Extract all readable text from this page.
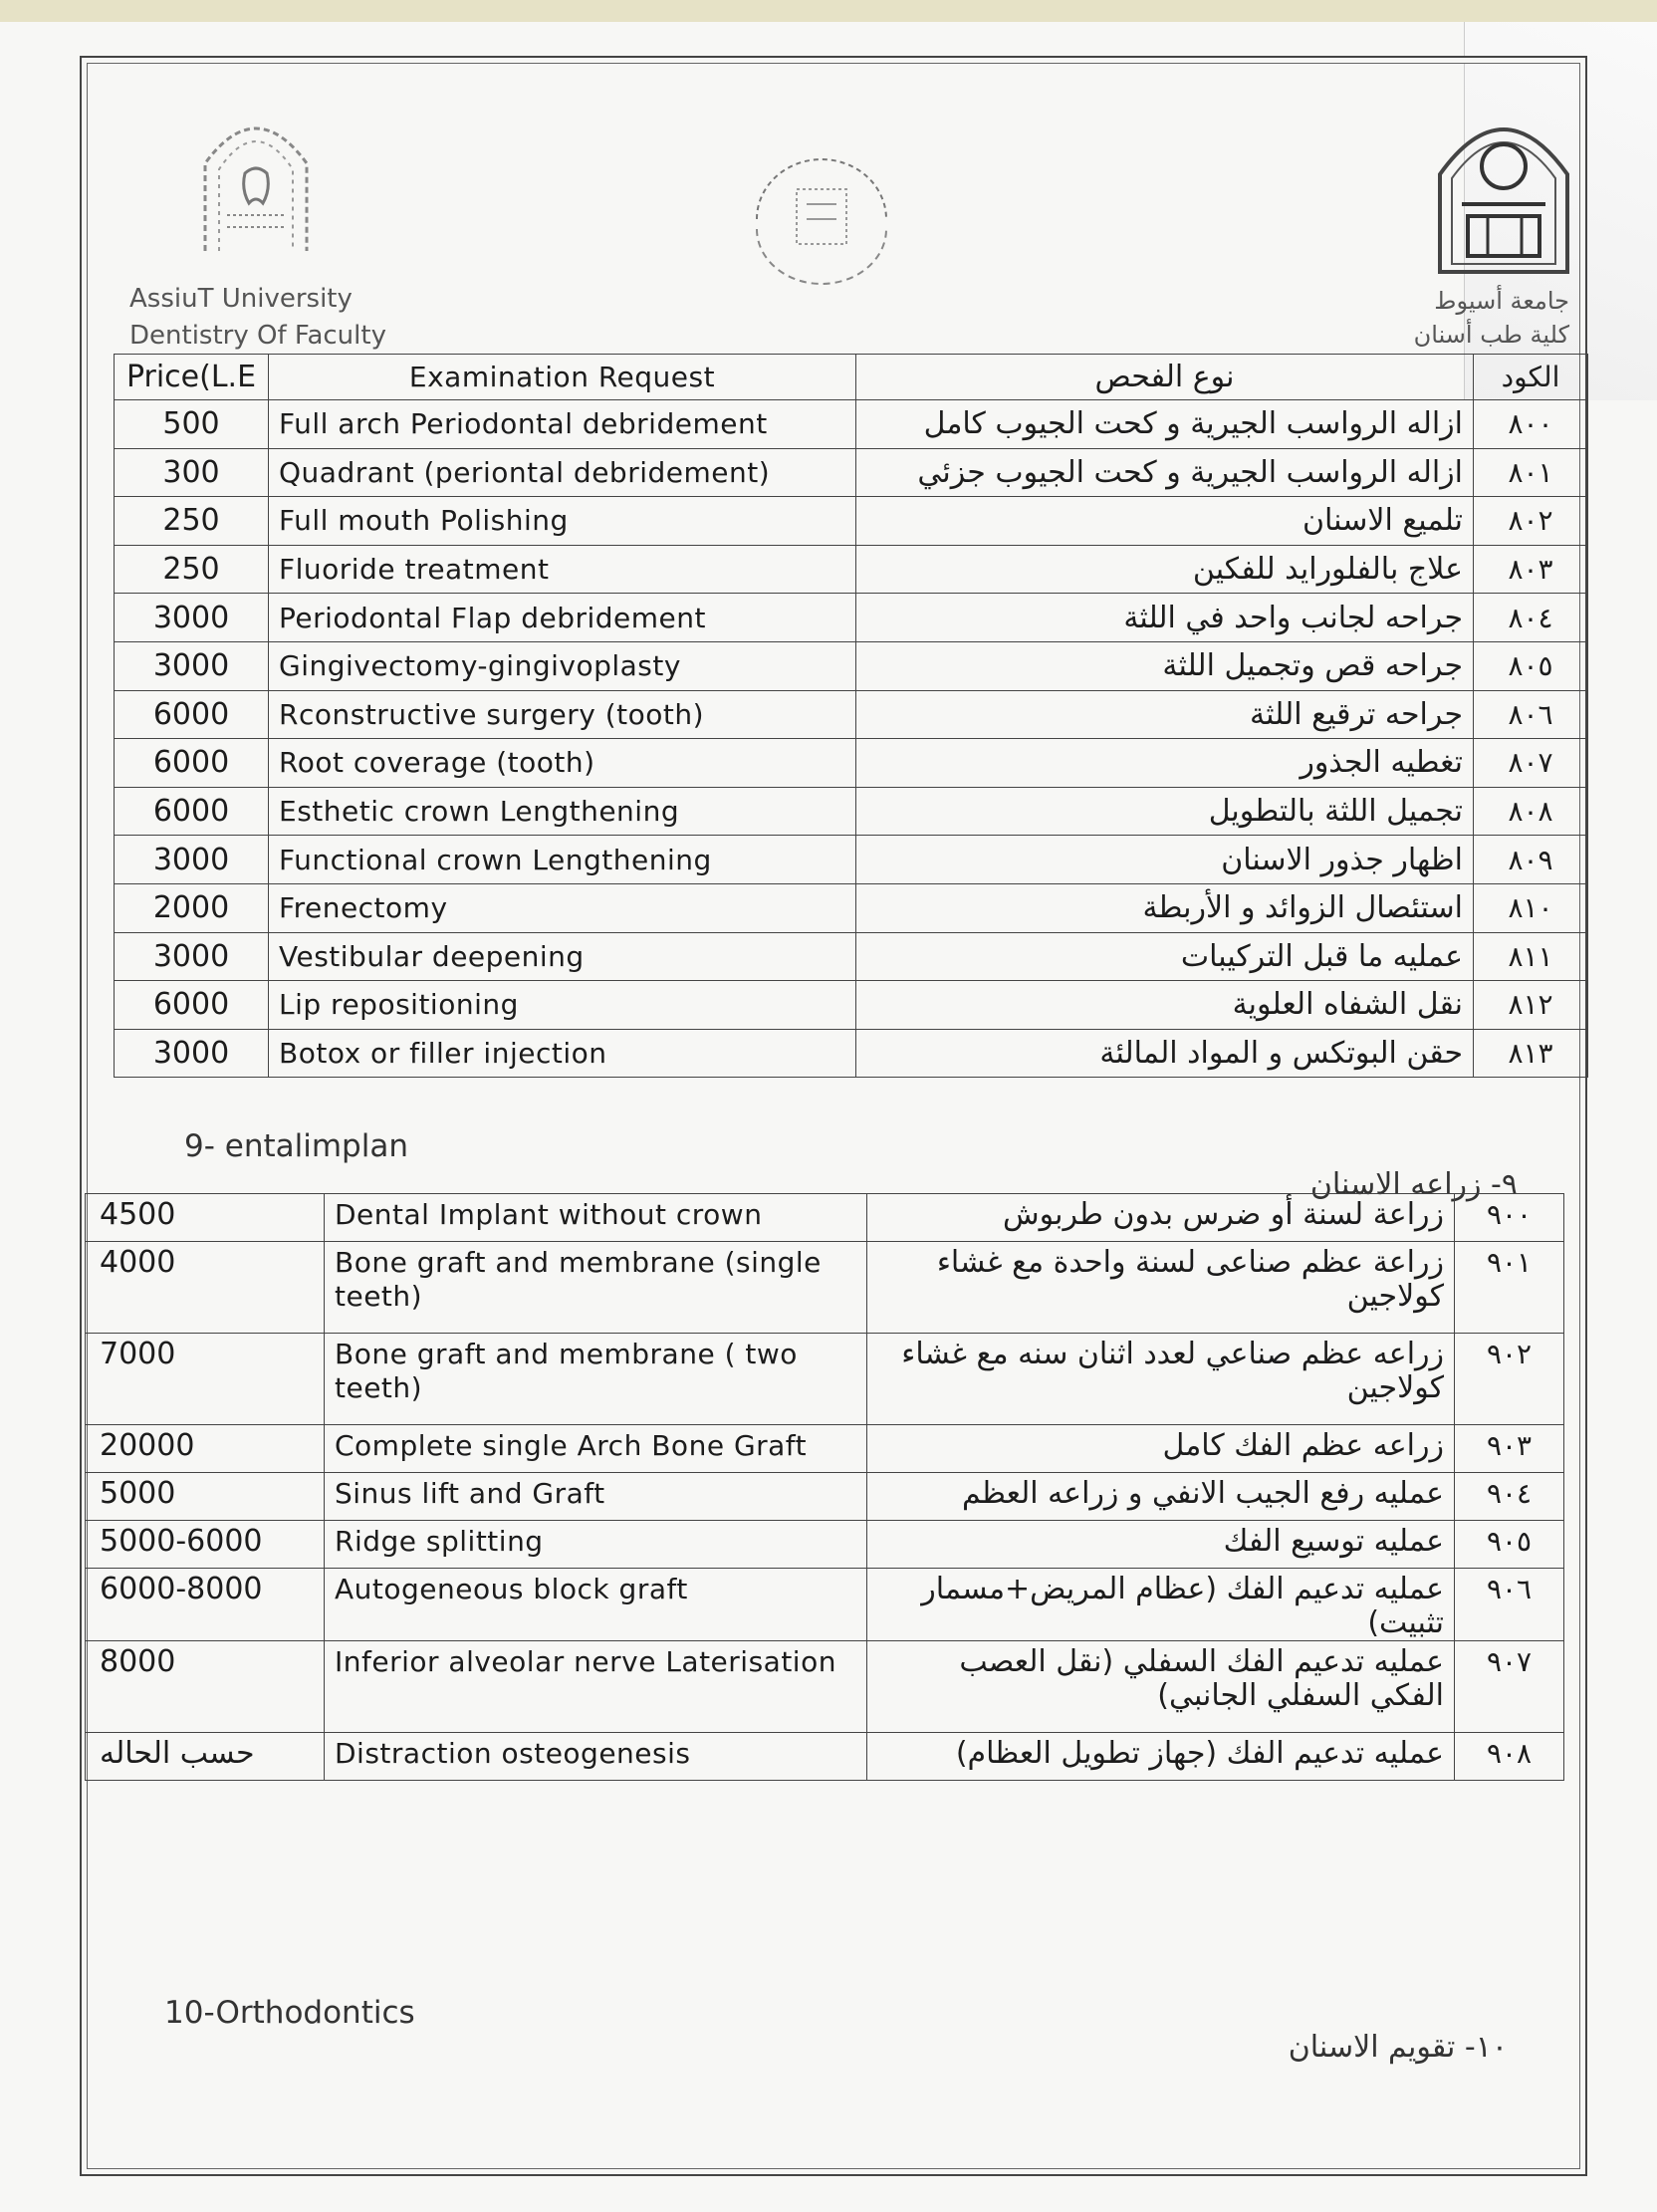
AssiuT University
Dentistry Of Faculty
جامعة أسيوط
كلية طب أسنان
Price(L.E	Examination Request	نوع الفحص	الكود
500	Full arch Periodontal debridement	ازاله الرواسب الجيرية و كحت الجيوب كامل	٨٠٠
300	Quadrant (periontal debridement)	ازاله الرواسب الجيرية و كحت الجيوب جزئي	٨٠١
250	Full mouth Polishing	تلميع الاسنان	٨٠٢
250	Fluoride treatment	علاج بالفلورايد للفكين	٨٠٣
3000	Periodontal Flap debridement	جراحه لجانب واحد في اللثة	٨٠٤
3000	Gingivectomy-gingivoplasty	جراحه قص وتجميل اللثة	٨٠٥
6000	Rconstructive surgery (tooth)	جراحه ترقيع اللثة	٨٠٦
6000	Root coverage (tooth)	تغطيه الجذور	٨٠٧
6000	Esthetic crown Lengthening	تجميل اللثة بالتطويل	٨٠٨
3000	Functional crown Lengthening	اظهار جذور الاسنان	٨٠٩
2000	Frenectomy	استئصال الزوائد و الأربطة	٨١٠
3000	Vestibular deepening	عمليه ما قبل التركيبات	٨١١
6000	Lip repositioning	نقل الشفاه العلوية	٨١٢
3000	Botox or filler injection	حقن البوتكس و المواد المالئة	٨١٣
9- entalimplan
٩- زراعه الاسنان
4500	Dental Implant without crown	زراعة لسنة أو ضرس بدون طربوش	٩٠٠
4000	Bone graft and membrane (single teeth)	زراعة عظم صناعى لسنة واحدة مع غشاء كولاجين	٩٠١
7000	Bone graft and membrane ( two teeth)	زراعه عظم صناعي لعدد اثنان سنه مع غشاء كولاجين	٩٠٢
20000	Complete single Arch Bone Graft	زراعه عظم الفك كامل	٩٠٣
5000	Sinus lift and Graft	عمليه رفع الجيب الانفي و زراعه العظم	٩٠٤
5000-6000	Ridge splitting	عمليه توسيع الفك	٩٠٥
6000-8000	Autogeneous block graft	عمليه تدعيم الفك (عظام المريض+مسمار تثبيت)	٩٠٦
8000	Inferior alveolar nerve Laterisation	عمليه تدعيم الفك السفلي (نقل العصب الفكي السفلي الجانبي)	٩٠٧
حسب الحاله	Distraction osteogenesis	عمليه تدعيم الفك (جهاز تطويل العظام)	٩٠٨
10-Orthodontics
١٠- تقويم الاسنان
